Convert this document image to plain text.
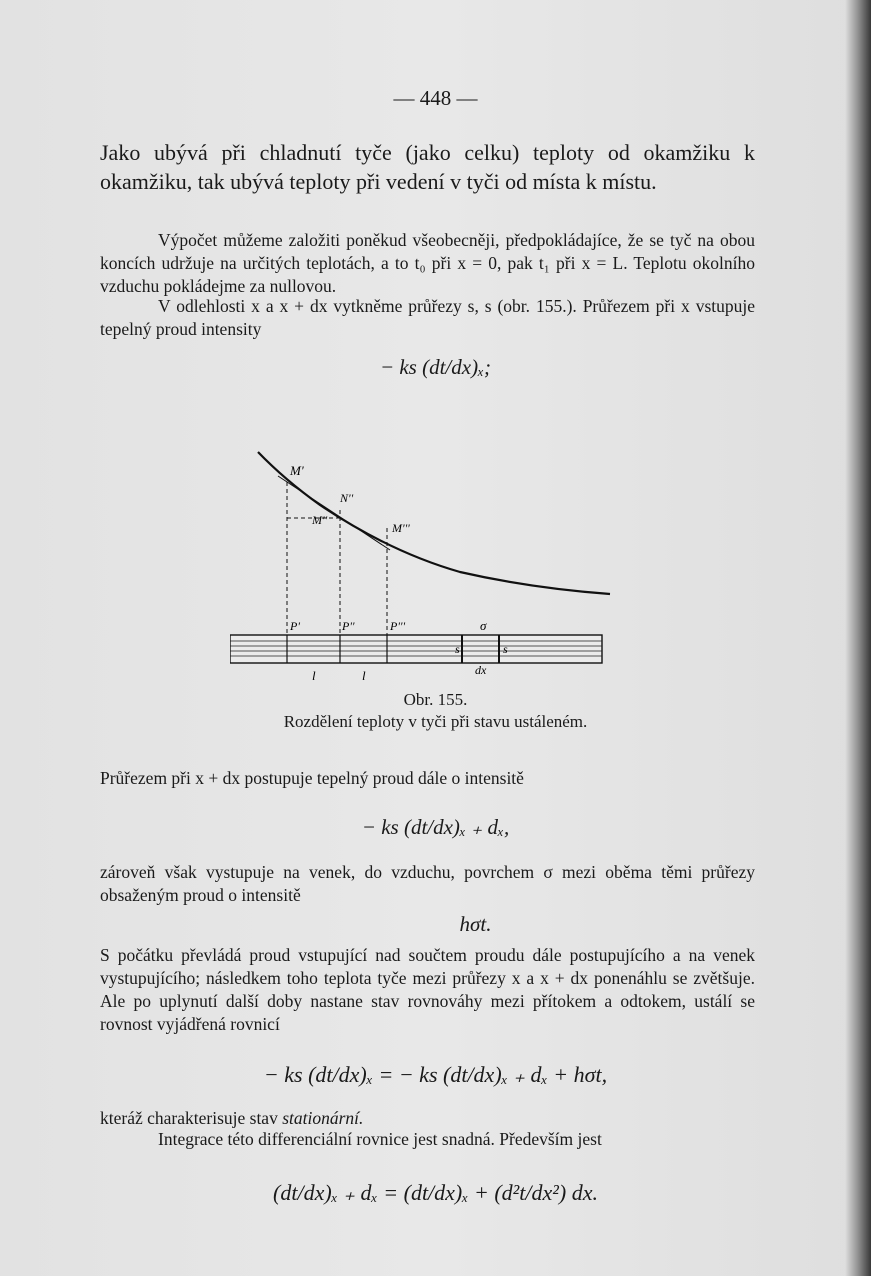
— 448 —

Jako ubývá při chladnutí tyče (jako celku) teploty od okamžiku k okamžiku, tak ubývá teploty při vedení v tyči od místa k místu.

Výpočet můžeme založiti poněkud všeobecněji, předpokládajíce, že se tyč na obou koncích udržuje na určitých teplotách, a to t₀ při x = 0, pak t₁ při x = L. Teplotu okolního vzduchu pokládejme za nullovou.

V odlehlosti x a x + dx vytkněme průřezy s, s (obr. 155.). Průřezem při x vstupuje tepelný proud intensity

− ks (dt/dx)ₓ;
M'
M''
M'''
N''
P'	P''	P'''	σ
s	s
l	l	dx
Obr. 155.
Rozdělení teploty v tyči při stavu ustáleném.

Průřezem při x + dx postupuje tepelný proud dále o intensitě

− ks (dt/dx)ₓ ₊ dₓ,

zároveň však vystupuje na venek, do vzduchu, povrchem σ mezi oběma těmi průřezy obsaženým proud o intensitě

hσt.

S počátku převládá proud vstupující nad součtem proudu dále postupujícího a na venek vystupujícího; následkem toho teplota tyče mezi průřezy x a x + dx ponenáhlu se zvětšuje. Ale po uplynutí další doby nastane stav rovnováhy mezi přítokem a odtokem, ustálí se rovnost vyjádřená rovnicí

− ks (dt/dx)ₓ = − ks (dt/dx)ₓ ₊ dₓ + hσt,

kteráž charakterisuje stav stationární.

Integrace této differenciální rovnice jest snadná. Především jest

(dt/dx)ₓ ₊ dₓ = (dt/dx)ₓ + (d²t/dx²) dx.
